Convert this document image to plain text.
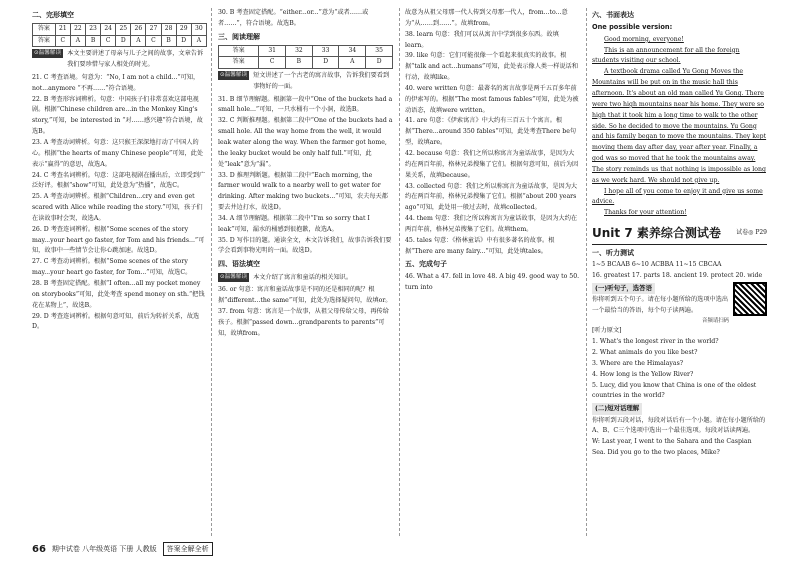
二、完形填空
答案	21	22	23	24	25	26	27	28	29	30
答案	C	A	B	C	D	A	C	B	D	A
⊙温馨解读 本文主要讲述了母亲与儿子之间的故事，文章告诉我们要珍惜与家人相处的时光。

21. C 考查语境。句意为：“No, I am not a child...”可知，not...anymore “不再……”符合语境。

22. B 考查形容词辨析。句意：中国孩子们非常喜欢这部电视剧。根据“Chinese children are...in the Monkey King's story,”可知，be interested in “对……感兴趣”符合语境，故选B。

23. A 考查动词辨析。句意：这只猴王深深地打动了中国人的心。根据“the hearts of many Chinese people”可知，此处表示“赢得”的意思，故选A。

24. C 考查名词辨析。句意：这部电视剧在播出后，立即受到广泛好评。根据“show”可知，此处意为“热播”，故选C。

25. A 考查动词辨析。根据“Children...cry and even get scared with Alice while reading the story.”可知，孩子们在读故事时会哭，故选A。

26. D 考查连词辨析。根据“Some scenes of the story may...your heart go faster, for Tom and his friends...”可知，故事中一些情节会让你心跳加速。故选D。

27. C 考查动词辨析。根据“Some scenes of the story may...your heart go faster, for Tom...”可知，故选C。

28. B 考查固定搭配。根据“I often...all my pocket money on storybooks”可知，此处考查 spend money on sth.“把钱花在某物上”，故选B。

29. D 考查连词辨析。根据句意可知，前后为转折关系，故选D。

30. B 考查固定搭配。“either...or...”意为“或者……或者……”，符合语境。故选B。

三、阅读理解
答案	31	32	33	34	35
答案	C	B	D	A	D
⊙温馨解读 短文讲述了一个古老的寓言故事，告诉我们要看到事物好的一面。

31. B 细节理解题。根据第一段中“One of the buckets had a small hole...”可知，一只水桶有一个小洞，故选B。

32. C 判断推理题。根据第二段中“One of the buckets had a small hole. All the way home from the well, it would leak water along the way. When the farmer got home, the leaky bucket would be only half full.”可知，此处“leak”意为“漏”。

33. D 推理判断题。根据第二段中“Each morning, the farmer would walk to a nearby well to get water for drinking. After making two buckets...”可知，农夫每天都要去井边打水，故选D。

34. A 细节理解题。根据第二段中“I'm so sorry that I leak”可知，漏水的桶感到很抱歉，故选A。

35. D 写作目的题。通读全文，本文告诉我们，故事告诉我们要学会看到事物光明的一面。故选D。

四、语法填空
⊙温馨解读 本文介绍了寓言和童话的相关知识。

36. or 句意：寓言和童话故事是不同的还是相同的呢？根据“different...the same”可知，此处为选择疑问句，故填or。

37. from 句意：寓言是一个故事，从祖父母传给父母，再传给孩子。根据“passed down...grandparents to parents”可知，故填from。

故意为从祖父母那一代人传到父母那一代人，from...to...意为“从……到……”。故填from。

38. learn 句意：我们可以从寓言中学到很多东西。故填learn。

39. like 句意：它们可能很像一个看起来很真实的故事。根据“talk and act...humans”可知，此处表示像人类一样说话和行动，故填like。

40. were written 句意：最著名的寓言故事是两千五百多年前的伊索写的。根据“The most famous fables”可知，此处为被动语态，故填were written。

41. are 句意：《伊索寓言》中大约有三百五十个寓言。根据“There...around 350 fables”可知，此处考查There be句型，故填are。

42. because 句意：我们之所以称寓言为童话故事，是因为大约在两百年前，格林兄弟搜集了它们。根据句意可知，前后为因果关系，故填because。

43. collected 句意：我们之所以称寓言为童话故事，是因为大约在两百年前，格林兄弟搜集了它们。根据“about 200 years ago”可知，此处用一般过去时，故填collected。

44. them 句意：我们之所以称寓言为童话故事，是因为大约在两百年前，格林兄弟搜集了它们。故填them。

45. tales 句意：《格林童话》中有很多著名的故事。根据“There are many fairy...”可知，此处填tales。

五、完成句子

46. What a 47. fell in love 48. A big 49. good way to 50. turn into

六、书面表达
One possible version:

Good morning, everyone!

This is an announcement for all the foreign students visiting our school.

A textbook drama called Yu Gong Moves the Mountains will be put on in the music hall this afternoon. It's about an old man called Yu Gong. There were two high mountains near his home. They were so high that it took him a long time to walk to the other side. So he decided to move the mountains. Yu Gong and his family began to move the mountains. They kept moving them day after day, year after year. Finally, a god was so moved that he took the mountains away. The story reminds us that nothing is impossible as long as we work hard. We should not give up.

I hope all of you come to enjoy it and give us some advice.

Thanks for your attention!

Unit 7 素养综合测试卷	试卷◎ P29
一、听力测试
1~5 BCAAB 6~10 ACBBA 11~15 CBCAA
16. greatest 17. parts 18. ancient 19. protect 20. wide
(一)听句子，选答语

你将听到五个句子。请在每小题所给的选项中选出一个最恰当的答语，每个句子读两遍。

音频请扫码
[听力原文]

1. What's the longest river in the world?

2. What animals do you like best?

3. Where are the Himalayas?

4. How long is the Yellow River?

5. Lucy, did you know that China is one of the oldest countries in the world?

(二)短对话理解

你将听到五段对话，每段对话后有一个小题。请在每小题所给的A、B、C三个选项中选出一个最佳选项。每段对话读两遍。

W: Last year, I went to the Sahara and the Caspian Sea. Did you go to the two places, Mike?

66 期中试卷 八年级英语 下册 人教版	答案全解全析
